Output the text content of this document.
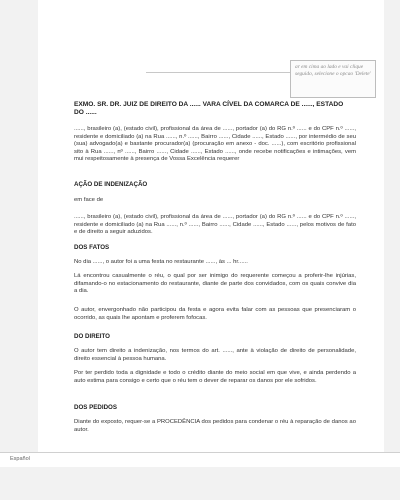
ar em cima ao lado e vai clique seguido, selecione o opcao 'Delete'
EXMO. SR. DR. JUIZ DE DIREITO DA ...... VARA CÍVEL DA COMARCA DE ......, ESTADO DO ......
......, brasileiro (a), (estado civil), profissional da área de ......, portador (a) do RG n.º ...... e do CPF n.º ......, residente e domiciliado (a) na Rua ......, n.º ......, Bairro ......, Cidade ......, Estado ......, por intermédio de seu (sua) advogado(a) e bastante procurador(a) (procuração em anexo - doc. ......), com escritório profissional sito à Rua ......, nº ......, Bairro ......, Cidade ......, Estado ......, onde recebe notificações e intimações, vem mui respeitosamente à presença de Vossa Excelência requerer
AÇÃO DE INDENIZAÇÃO
em face de
......, brasileiro (a), (estado civil), profissional da área de ......, portador (a) do RG n.º ...... e do CPF n.º ......, residente e domiciliado (a) na Rua ......, n.º ......, Bairro ......, Cidade ......, Estado ......, pelos motivos de fato e de direito a seguir aduzidos.
DOS FATOS
No dia ......, o autor foi a uma festa no restaurante ......, às ... hr......
Lá encontrou casualmente o réu, o qual por ser inimigo do requerente começou a proferir-lhe injúrias, difamando-o no estacionamento do restaurante, diante de parte dos convidados, com os quais convive dia a dia.
O autor, envergonhado não participou da festa e agora evita falar com as pessoas que presenciaram o ocorrido, as quais lhe apontam e proferem fofocas.
DO DIREITO
O autor tem direito a indenização, nos termos do art. ......, ante à violação de direito de personalidade, direito essencial à pessoa humana.
Por ter perdido toda a dignidade e todo o crédito diante do meio social em que vive, e ainda perdendo a auto estima para consigo e certo que o réu tem o dever de reparar os danos por ele sofridos.
DOS PEDIDOS
Diante do exposto, requer-se a PROCEDÊNCIA dos pedidos para condenar o réu à reparação de danos ao autor.
Español
